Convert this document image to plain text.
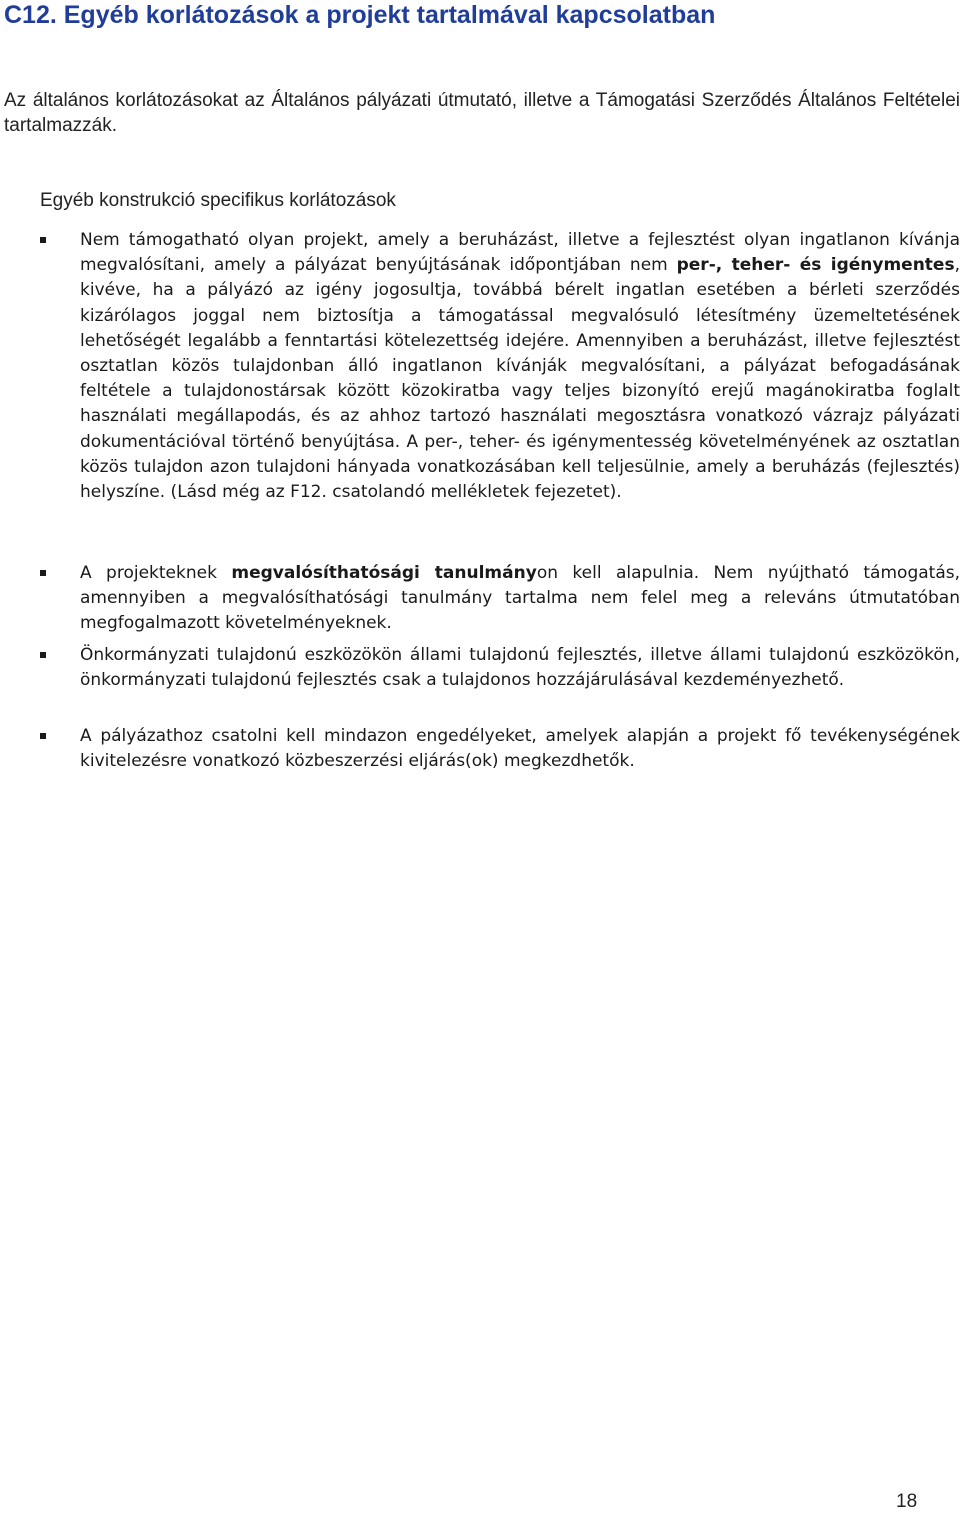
C12. Egyéb korlátozások a projekt tartalmával kapcsolatban

Az általános korlátozásokat az Általános pályázati útmutató, illetve a Támogatási Szerződés Általános Feltételei tartalmazzák.

Egyéb konstrukció specifikus korlátozások

Nem támogatható olyan projekt, amely a beruházást, illetve a fejlesztést olyan ingatlanon kívánja megvalósítani, amely a pályázat benyújtásának időpontjában nem per-, teher- és igénymentes, kivéve, ha a pályázó az igény jogosultja, továbbá bérelt ingatlan esetében a bérleti szerződés kizárólagos joggal nem biztosítja a támogatással megvalósuló létesítmény üzemeltetésének lehetőségét legalább a fenntartási kötelezettség idejére. Amennyiben a beruházást, illetve fejlesztést osztatlan közös tulajdonban álló ingatlanon kívánják megvalósítani, a pályázat befogadásának feltétele a tulajdonostársak között közokiratba vagy teljes bizonyító erejű magánokiratba foglalt használati megállapodás, és az ahhoz tartozó használati megosztásra vonatkozó vázrajz pályázati dokumentációval történő benyújtása. A per-, teher- és igénymentesség követelményének az osztatlan közös tulajdon azon tulajdoni hányada vonatkozásában kell teljesülnie, amely a beruházás (fejlesztés) helyszíne. (Lásd még az F12. csatolandó mellékletek fejezetet).

A projekteknek megvalósíthatósági tanulmányon kell alapulnia. Nem nyújtható támogatás, amennyiben a megvalósíthatósági tanulmány tartalma nem felel meg a releváns útmutatóban megfogalmazott követelményeknek.

Önkormányzati tulajdonú eszközökön állami tulajdonú fejlesztés, illetve állami tulajdonú eszközökön, önkormányzati tulajdonú fejlesztés csak a tulajdonos hozzájárulásával kezdeményezhető.

A pályázathoz csatolni kell mindazon engedélyeket, amelyek alapján a projekt fő tevékenységének kivitelezésre vonatkozó közbeszerzési eljárás(ok) megkezdhetők.

18
